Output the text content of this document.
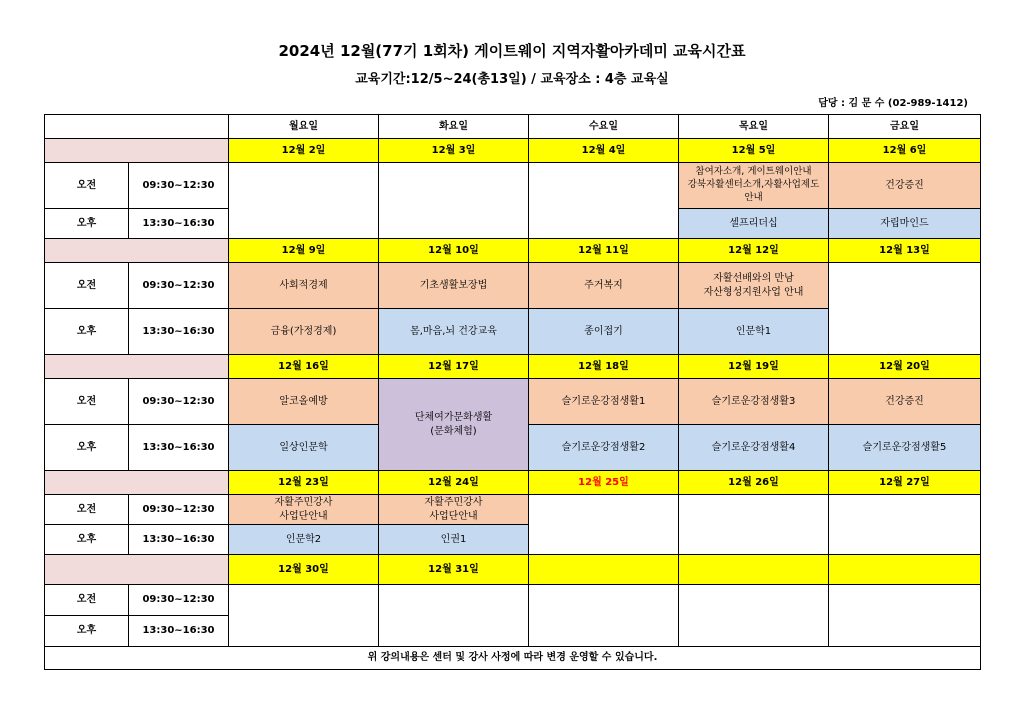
2024년 12월(77기 1회차) 게이트웨이 지역자활아카데미 교육시간표
교육기간:12/5~24(총13일) / 교육장소 : 4층 교육실
담당 : 김 문 수 (02-989-1412)
		월요일	화요일	수요일	목요일	금요일
		12월 2일	12월 3일	12월 4일	12월 5일	12월 6일
오전	09:30~12:30				참여자소개, 게이트웨이안내
강북자활센터소개,자활사업제도
안내	건강증진
오후	13:30~16:30				셀프리더십	자립마인드
		12월 9일	12월 10일	12월 11일	12월 12일	12월 13일
오전	09:30~12:30	사회적경제	기초생활보장법	주거복지	자활선배와의 만남
자산형성지원사업 안내	
오후	13:30~16:30	금융(가정경제)	몸,마음,뇌 건강교육	종이접기	인문학1	
		12월 16일	12월 17일	12월 18일	12월 19일	12월 20일
오전	09:30~12:30	알코올예방	단체여가문화생활
(문화체험)	슬기로운강점생활1	슬기로운강점생활3	건강증진
오후	13:30~16:30	일상인문학		슬기로운강점생활2	슬기로운강점생활4	슬기로운강점생활5
		12월 23일	12월 24일	12월 25일	12월 26일	12월 27일
오전	09:30~12:30	자활주민강사
사업단안내	자활주민강사
사업단안내			
오후	13:30~16:30	인문학2	인권1			
		12월 30일	12월 31일			
오전	09:30~12:30					
오후	13:30~16:30					
위 강의내용은 센터 및 강사 사정에 따라 변경 운영할 수 있습니다.						
